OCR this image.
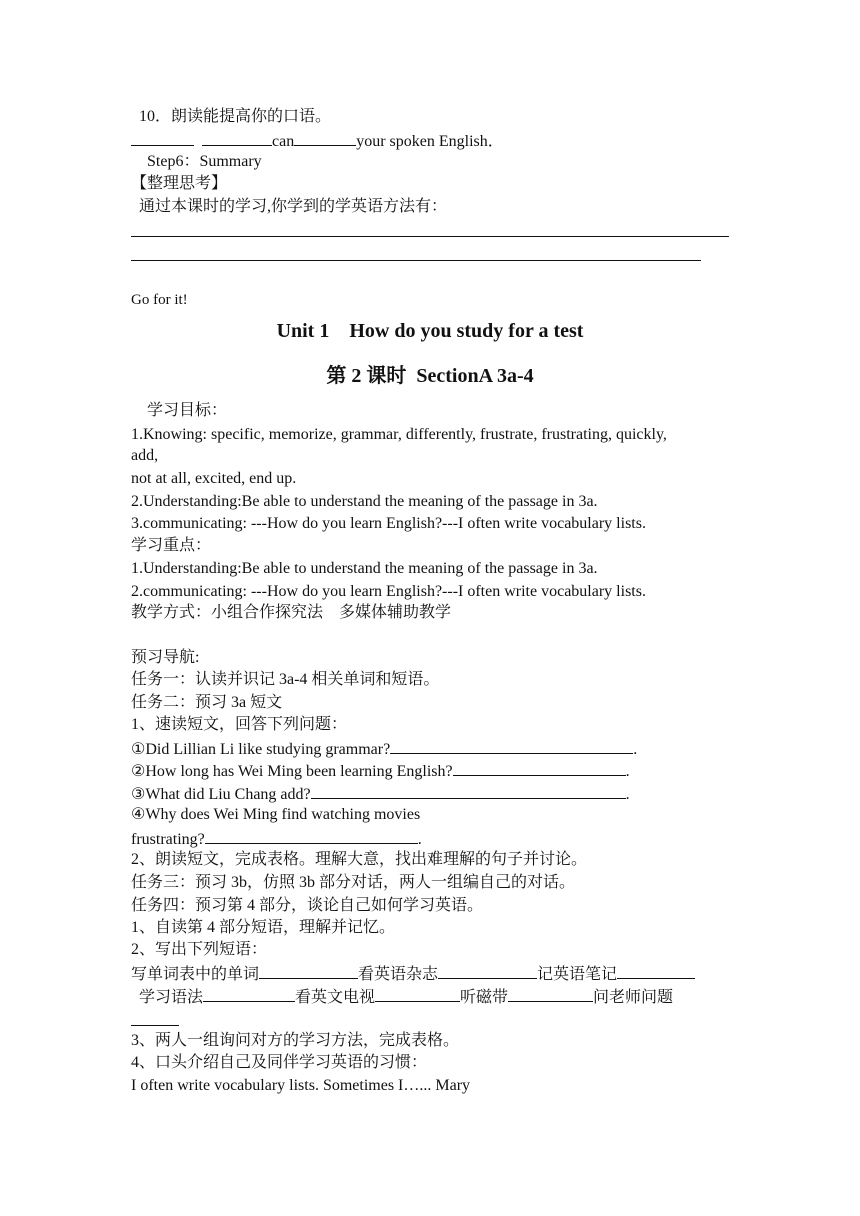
10．朗读能提高你的口语。
can	your spoken English．
Step6：Summary
【整理思考】
通过本课时的学习,你学到的学英语方法有：
Go for it!
Unit 1    How do you study for a test
第 2 课时  SectionA 3a-4
学习目标：
1.Knowing: specific, memorize, grammar, differently, frustrate, frustrating, quickly,
add,
not at all, excited, end up.
2.Understanding:Be able to understand the meaning of the passage in 3a.
3.communicating: ---How do you learn English?---I often write vocabulary lists.
学习重点：
1.Understanding:Be able to understand the meaning of the passage in 3a.
2.communicating: ---How do you learn English?---I often write vocabulary lists.
教学方式：小组合作探究法    多媒体辅助教学
预习导航:
任务一：认读并识记 3a-4 相关单词和短语。
任务二：预习 3a 短文
1、速读短文，回答下列问题：
①Did Lillian Li like studying grammar?	.
②How long has Wei Ming been learning English?	.
③What did Liu Chang add?	.
④Why does Wei Ming find watching movies
frustrating?	.
2、朗读短文，完成表格。理解大意，找出难理解的句子并讨论。
任务三：预习 3b，仿照 3b 部分对话，两人一组编自己的对话。
任务四：预习第 4 部分，谈论自己如何学习英语。
1、自读第 4 部分短语，理解并记忆。
2、写出下列短语：
写单词表中的单词	看英语杂志	记英语笔记
学习语法	看英文电视	听磁带	问老师问题
3、两人一组询问对方的学习方法，完成表格。
4、口头介绍自己及同伴学习英语的习惯：
I often write vocabulary lists. Sometimes I…... Mary
